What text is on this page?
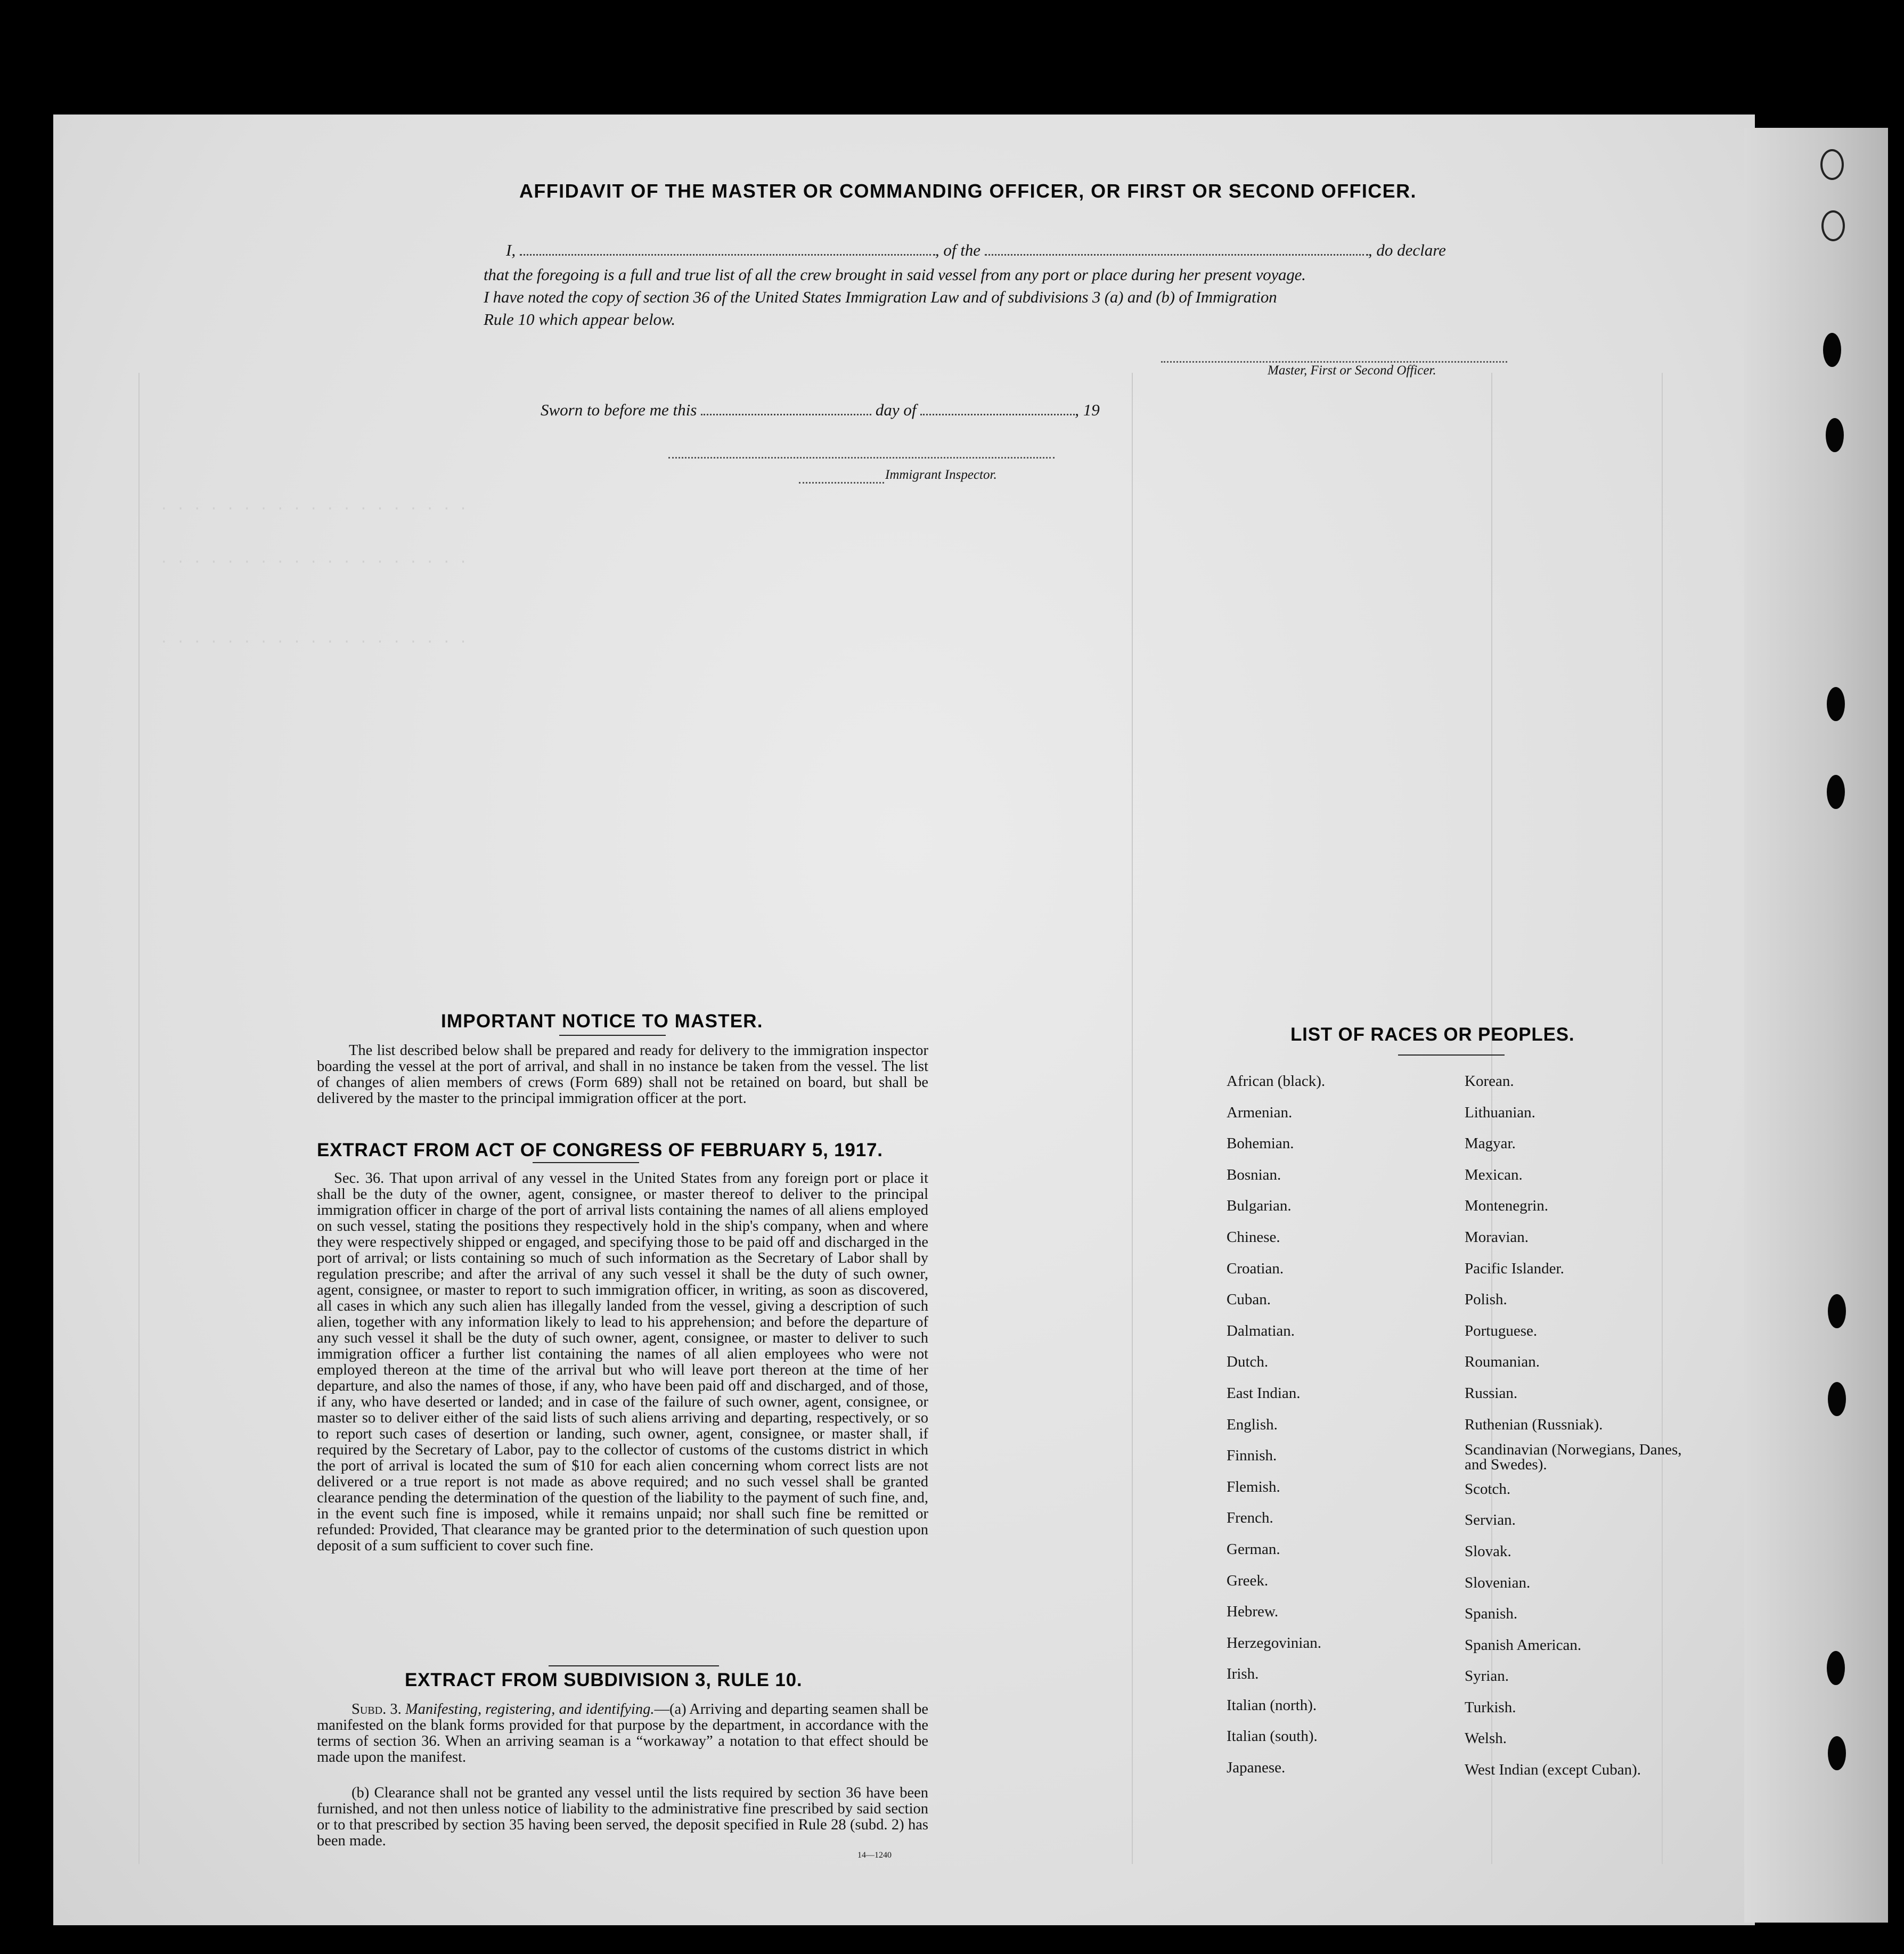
AFFIDAVIT OF THE MASTER OR COMMANDING OFFICER, OR FIRST OR SECOND OFFICER.
I,	, of the	, do declare
that the foregoing is a full and true list of all the crew brought in said vessel from any port or place during her present voyage.
I have noted the copy of section 36 of the United States Immigration Law and of subdivisions 3 (a) and (b) of Immigration
Rule 10 which appear below.
Master, First or Second Officer.
Sworn to before me this	day of	, 19
Immigrant Inspector.
· · · · · · · · · · · · · · · · · · ·
· · · · · · · · · · · · · · · · · · ·
· · · · · · · · · · · · · · · · · · ·
IMPORTANT NOTICE TO MASTER.
The list described below shall be prepared and ready for delivery to the immigration inspector boarding the vessel at the port of arrival, and shall in no instance be taken from the vessel. The list of changes of alien members of crews (Form 689) shall not be retained on board, but shall be delivered by the master to the principal immigration officer at the port.
EXTRACT FROM ACT OF CONGRESS OF FEBRUARY 5, 1917.
Sec. 36. That upon arrival of any vessel in the United States from any foreign port or place it shall be the duty of the owner, agent, consignee, or master thereof to deliver to the principal immigration officer in charge of the port of arrival lists containing the names of all aliens employed on such vessel, stating the positions they respectively hold in the ship's company, when and where they were respectively shipped or engaged, and specifying those to be paid off and discharged in the port of arrival; or lists containing so much of such information as the Secretary of Labor shall by regulation prescribe; and after the arrival of any such vessel it shall be the duty of such owner, agent, consignee, or master to report to such immigration officer, in writing, as soon as discovered, all cases in which any such alien has illegally landed from the vessel, giving a description of such alien, together with any information likely to lead to his apprehension; and before the departure of any such vessel it shall be the duty of such owner, agent, consignee, or master to deliver to such immigration officer a further list containing the names of all alien employees who were not employed thereon at the time of the arrival but who will leave port thereon at the time of her departure, and also the names of those, if any, who have been paid off and discharged, and of those, if any, who have deserted or landed; and in case of the failure of such owner, agent, consignee, or master so to deliver either of the said lists of such aliens arriving and departing, respectively, or so to report such cases of desertion or landing, such owner, agent, consignee, or master shall, if required by the Secretary of Labor, pay to the collector of customs of the customs district in which the port of arrival is located the sum of $10 for each alien concerning whom correct lists are not delivered or a true report is not made as above required; and no such vessel shall be granted clearance pending the determination of the question of the liability to the payment of such fine, and, in the event such fine is imposed, while it remains unpaid; nor shall such fine be remitted or refunded: Provided, That clearance may be granted prior to the determination of such question upon deposit of a sum sufficient to cover such fine.
EXTRACT FROM SUBDIVISION 3, RULE 10.
Subd. 3. Manifesting, registering, and identifying.—(a) Arriving and departing seamen shall be manifested on the blank forms provided for that purpose by the department, in accordance with the terms of section 36. When an arriving seaman is a “workaway” a notation to that effect should be made upon the manifest.
(b) Clearance shall not be granted any vessel until the lists required by section 36 have been furnished, and not then unless notice of liability to the administrative fine prescribed by said section or to that prescribed by section 35 having been served, the deposit specified in Rule 28 (subd. 2) has been made.
14—1240
LIST OF RACES OR PEOPLES.
African (black).
Armenian.
Bohemian.
Bosnian.
Bulgarian.
Chinese.
Croatian.
Cuban.
Dalmatian.
Dutch.
East Indian.
English.
Finnish.
Flemish.
French.
German.
Greek.
Hebrew.
Herzegovinian.
Irish.
Italian (north).
Italian (south).
Japanese.
Korean.
Lithuanian.
Magyar.
Mexican.
Montenegrin.
Moravian.
Pacific Islander.
Polish.
Portuguese.
Roumanian.
Russian.
Ruthenian (Russniak).
Scandinavian (Norwegians, Danes, and Swedes).
Scotch.
Servian.
Slovak.
Slovenian.
Spanish.
Spanish American.
Syrian.
Turkish.
Welsh.
West Indian (except Cuban).
